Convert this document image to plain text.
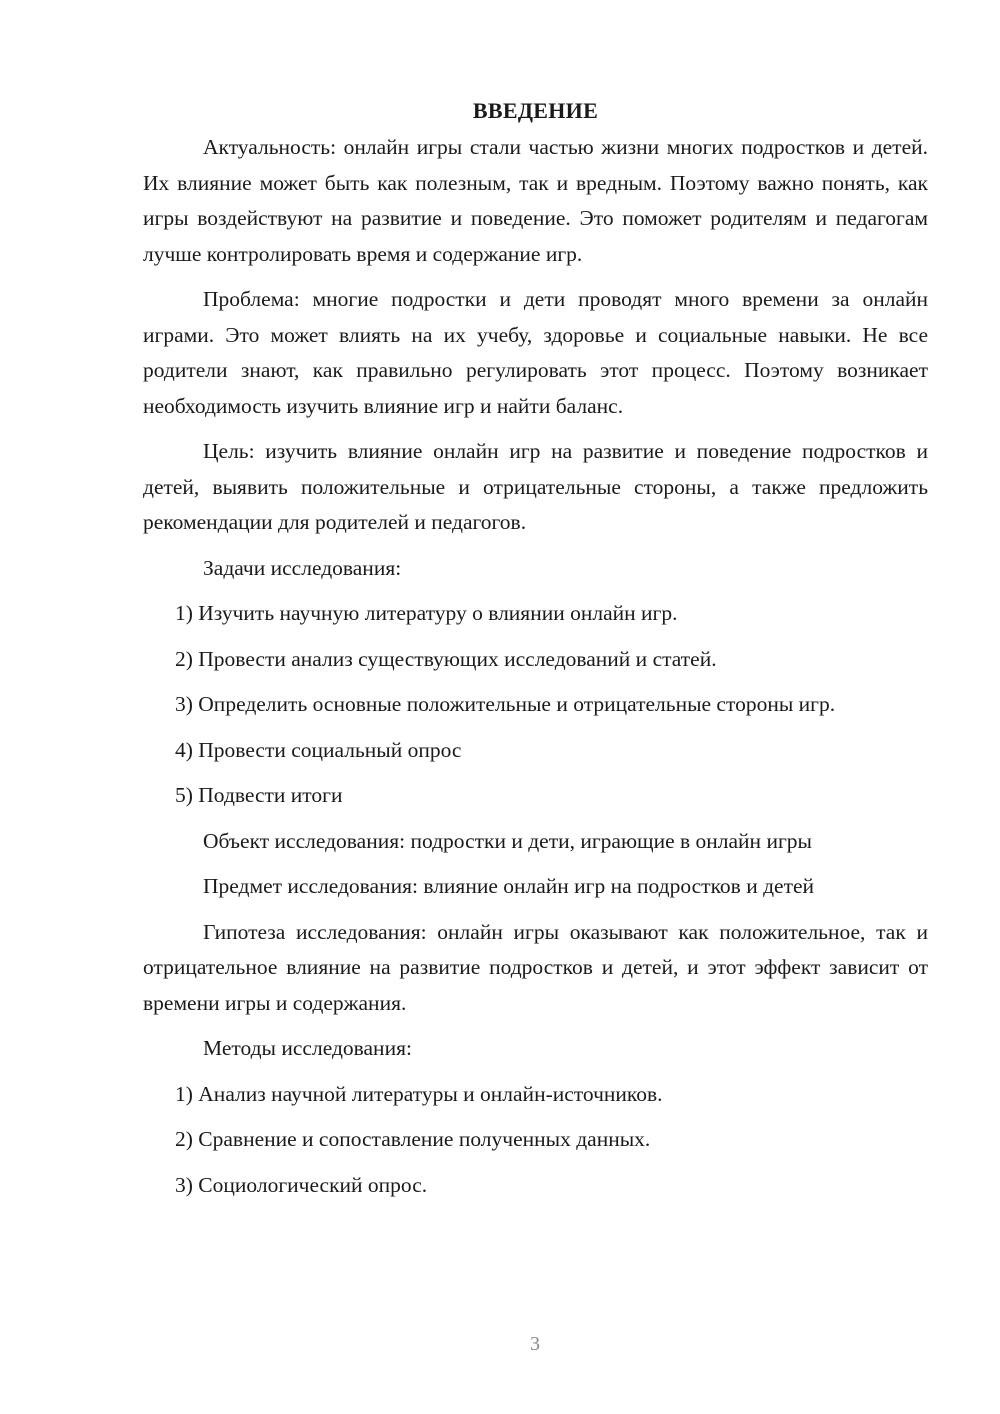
ВВЕДЕНИЕ

Актуальность: онлайн игры стали частью жизни многих подростков и детей. Их влияние может быть как полезным, так и вредным. Поэтому важно понять, как игры воздействуют на развитие и поведение. Это поможет родителям и педагогам лучше контролировать время и содержание игр.

Проблема: многие подростки и дети проводят много времени за онлайн играми. Это может влиять на их учебу, здоровье и социальные навыки. Не все родители знают, как правильно регулировать этот процесс. Поэтому возникает необходимость изучить влияние игр и найти баланс.

Цель: изучить влияние онлайн игр на развитие и поведение подростков и детей, выявить положительные и отрицательные стороны, а также предложить рекомендации для родителей и педагогов.

Задачи исследования:

1) Изучить научную литературу о влиянии онлайн игр.

2) Провести анализ существующих исследований и статей.

3) Определить основные положительные и отрицательные стороны игр.

4) Провести социальный опрос

5) Подвести итоги

Объект исследования: подростки и дети, играющие в онлайн игры

Предмет исследования: влияние онлайн игр на подростков и детей

Гипотеза исследования: онлайн игры оказывают как положительное, так и отрицательное влияние на развитие подростков и детей, и этот эффект зависит от времени игры и содержания.

Методы исследования:

1) Анализ научной литературы и онлайн-источников.

2) Сравнение и сопоставление полученных данных.

3) Социологический опрос.

3
